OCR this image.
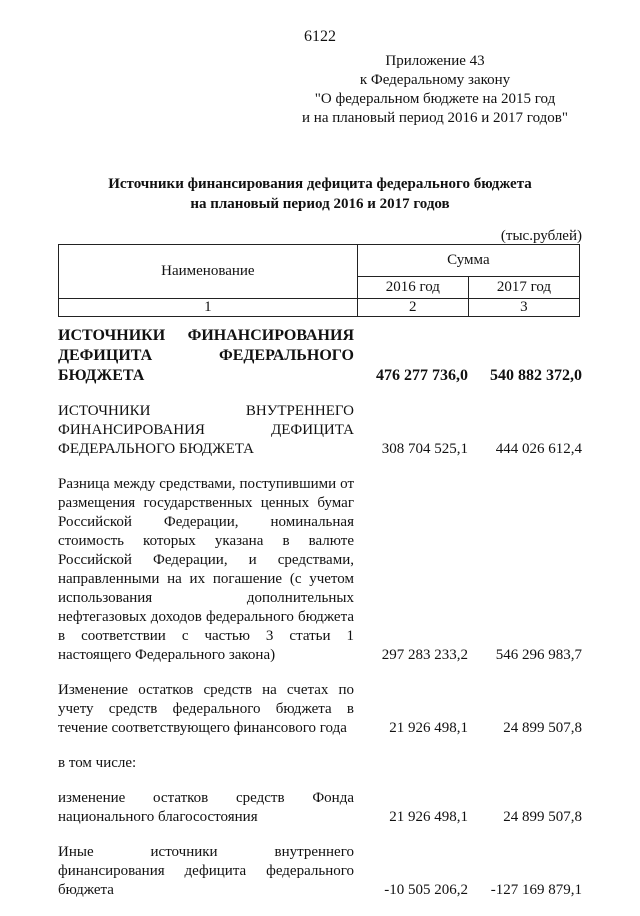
6122
Приложение 43
к Федеральному закону
"О федеральном бюджете на 2015 год
и на плановый период 2016 и 2017 годов"
Источники финансирования дефицита федерального бюджета
на плановый период 2016 и 2017 годов
(тыс.рублей)
Наименование	Сумма	
	2016 год	2017 год
1	2	3
ИСТОЧНИКИ ФИНАНСИРОВАНИЯ ДЕФИЦИТА ФЕДЕРАЛЬНОГО БЮДЖЕТА	476 277 736,0	540 882 372,0
ИСТОЧНИКИ ВНУТРЕННЕГО ФИНАНСИРОВАНИЯ ДЕФИЦИТА ФЕДЕРАЛЬНОГО БЮДЖЕТА	308 704 525,1	444 026 612,4
Разница между средствами, поступившими от размещения государственных ценных бумаг Российской Федерации, номинальная стоимость которых указана в валюте Российской Федерации, и средствами, направленными на их погашение (с учетом использования дополнительных нефтегазовых доходов федерального бюджета в соответствии с частью 3 статьи 1 настоящего Федерального закона)	297 283 233,2	546 296 983,7
Изменение остатков средств на счетах по учету средств федерального бюджета в течение соответствующего финансового года	21 926 498,1	24 899 507,8
в том числе:
изменение остатков средств Фонда национального благосостояния	21 926 498,1	24 899 507,8
Иные источники внутреннего финансирования дефицита федерального бюджета	-10 505 206,2	-127 169 879,1
